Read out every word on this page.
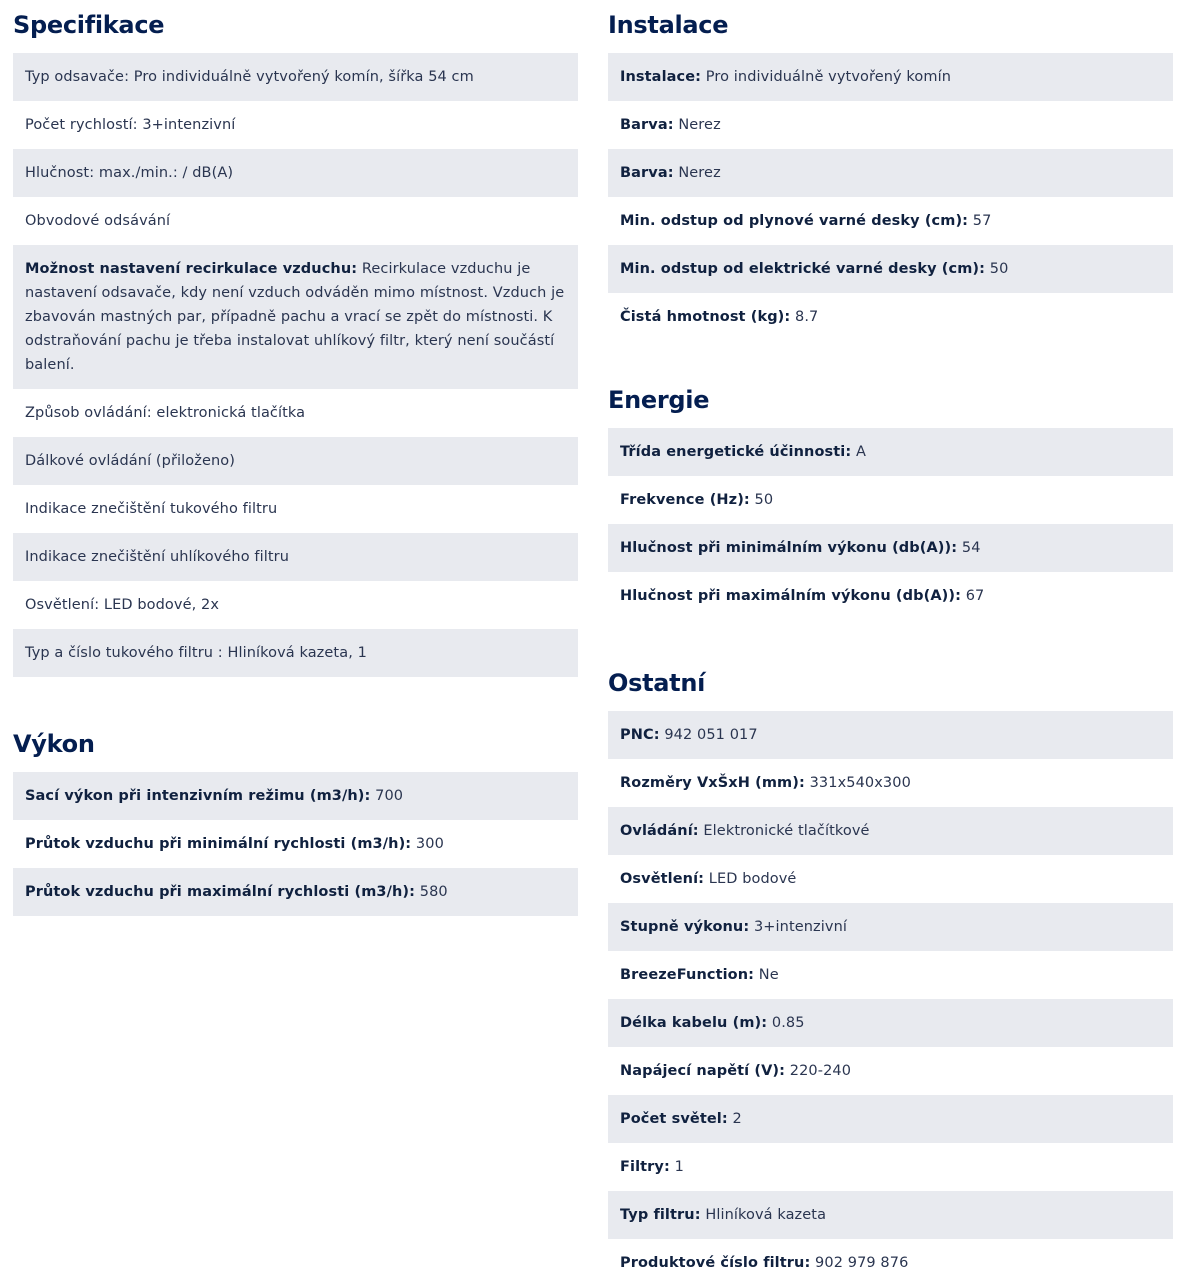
Specifikace
Typ odsavače: Pro individuálně vytvořený komín, šířka 54 cm
Počet rychlostí: 3+intenzivní
Hlučnost: max./min.: / dB(A)
Obvodové odsávání
Možnost nastavení recirkulace vzduchu: Recirkulace vzduchu je nastavení odsavače, kdy není vzduch odváděn mimo místnost. Vzduch je zbavován mastných par, případně pachu a vrací se zpět do místnosti. K odstraňování pachu je třeba instalovat uhlíkový filtr, který není součástí balení.
Způsob ovládání: elektronická tlačítka
Dálkové ovládání (přiloženo)
Indikace znečištění tukového filtru
Indikace znečištění uhlíkového filtru
Osvětlení: LED bodové, 2x
Typ a číslo tukového filtru : Hliníková kazeta, 1
Výkon
Sací výkon při intenzivním režimu (m3/h): 700
Průtok vzduchu při minimální rychlosti (m3/h): 300
Průtok vzduchu při maximální rychlosti (m3/h): 580
Instalace
Instalace: Pro individuálně vytvořený komín
Barva: Nerez
Barva: Nerez
Min. odstup od plynové varné desky (cm): 57
Min. odstup od elektrické varné desky (cm): 50
Čistá hmotnost (kg): 8.7
Energie
Třída energetické účinnosti: A
Frekvence (Hz): 50
Hlučnost při minimálním výkonu (db(A)): 54
Hlučnost při maximálním výkonu (db(A)): 67
Ostatní
PNC: 942 051 017
Rozměry VxŠxH (mm): 331x540x300
Ovládání: Elektronické tlačítkové
Osvětlení: LED bodové
Stupně výkonu: 3+intenzivní
BreezeFunction: Ne
Délka kabelu (m): 0.85
Napájecí napětí (V): 220-240
Počet světel: 2
Filtry: 1
Typ filtru: Hliníková kazeta
Produktové číslo filtru: 902 979 876
